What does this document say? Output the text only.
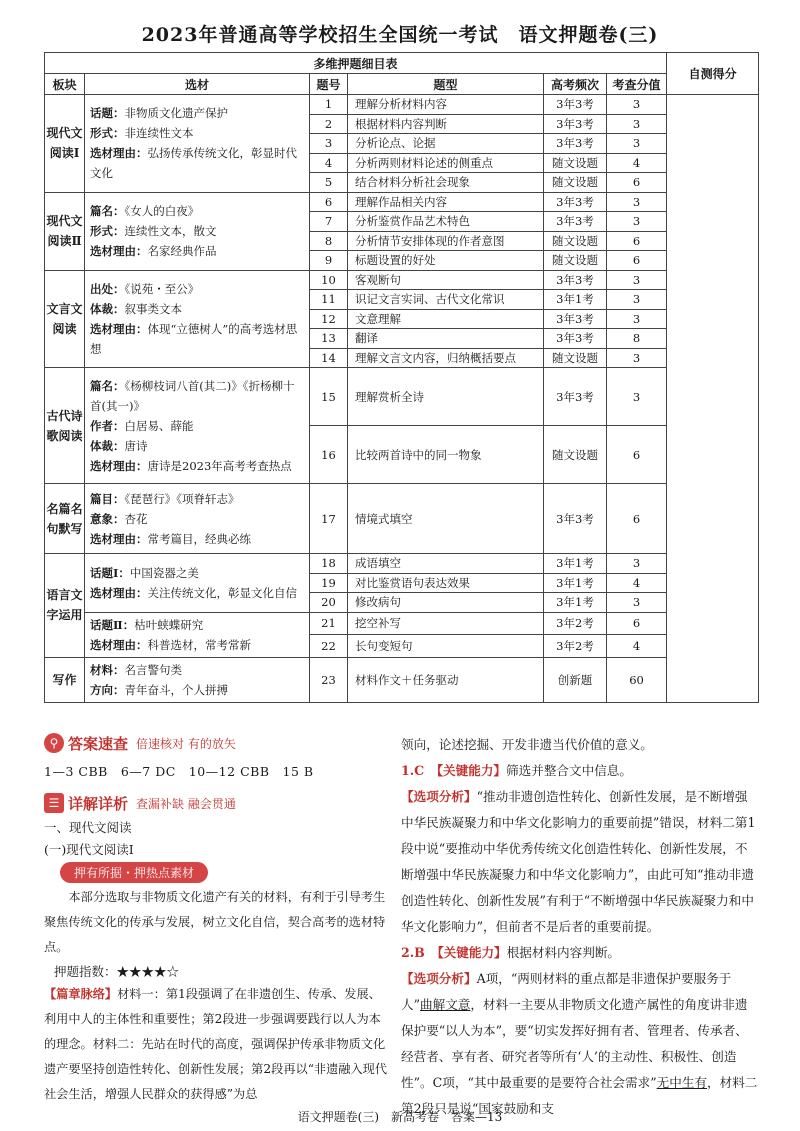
2023年普通高等学校招生全国统一考试　语文押题卷(三)
多维押题细目表						自测得分
板块	选材	题号	题型	高考频次	考查分值	
现代文阅读Ⅰ	话题：非物质文化遗产保护
形式：非连续性文本
选材理由：弘扬传承传统文化，彰显时代文化	1	理解分析材料内容	3年3考	3	
		2	根据材料内容判断	3年3考	3	
		3	分析论点、论据	3年3考	3	
		4	分析两则材料论述的侧重点	随文设题	4	
		5	结合材料分析社会现象	随文设题	6	
现代文阅读Ⅱ	篇名：《女人的白夜》
形式：连续性文本，散文
选材理由：名家经典作品	6	理解作品相关内容	3年3考	3	
		7	分析鉴赏作品艺术特色	3年3考	3	
		8	分析情节安排体现的作者意图	随文设题	6	
		9	标题设置的好处	随文设题	6	
文言文阅读	出处：《说苑・至公》
体裁：叙事类文本
选材理由：体现“立德树人”的高考选材思想	10	客观断句	3年3考	3	
		11	识记文言实词、古代文化常识	3年1考	3	
		12	文意理解	3年3考	3	
		13	翻译	3年3考	8	
		14	理解文言文内容，归纳概括要点	随文设题	3	
古代诗歌阅读	篇名：《杨柳枝词八首(其二)》《折杨柳十首(其一)》
作者：白居易、薛能
体裁：唐诗
选材理由：唐诗是2023年高考考查热点	15	理解赏析全诗	3年3考	3	
		16	比较两首诗中的同一物象	随文设题	6	
名篇名句默写	篇目：《琵琶行》《项脊轩志》
意象：杏花
选材理由：常考篇目，经典必练	17	情境式填空	3年3考	6	
语言文字运用	话题Ⅰ：中国瓷器之美
选材理由：关注传统文化，彰显文化自信	18	成语填空	3年1考	3	
		19	对比鉴赏语句表达效果	3年1考	4	
		20	修改病句	3年1考	3	

	话题Ⅱ：枯叶蛱蝶研究
选材理由：科普选材，常考常新	21	挖空补写	3年2考	6	
		22	长句变短句	3年2考	4	
写作	材料：名言警句类
方向：青年奋斗，个人拼搏	23	材料作文＋任务驱动	创新题	60	
⚲ 答案速查 倍速核对 有的放矢
1—3 CBB　6—7 DC　10—12 CBB　15 B
☰ 详解详析 查漏补缺 融会贯通
一、现代文阅读
(一)现代文阅读Ⅰ
押有所据・押热点素材
本部分选取与非物质文化遗产有关的材料，有利于引导考生聚焦传统文化的传承与发展，树立文化自信，契合高考的选材特点。
押题指数：★★★★☆
【篇章脉络】材料一：第1段强调了在非遗创生、传承、发展、利用中人的主体性和重要性；第2段进一步强调要践行以人为本的理念。材料二：先站在时代的高度，强调保护传承非物质文化遗产要坚持创造性转化、创新性发展；第2段再以“非遗融入现代社会生活，增强人民群众的获得感”为总
领向，论述挖掘、开发非遗当代价值的意义。
1.C　 【关键能力】筛选并整合文中信息。
【选项分析】“推动非遗创造性转化、创新性发展，是不断增强中华民族凝聚力和中华文化影响力的重要前提”错误，材料二第1段中说“要推动中华优秀传统文化创造性转化、创新性发展，不断增强中华民族凝聚力和中华文化影响力”，由此可知“推动非遗创造性转化、创新性发展”有利于“不断增强中华民族凝聚力和中华文化影响力”，但前者不是后者的重要前提。
2.B　 【关键能力】根据材料内容判断。
【选项分析】A项，“两则材料的重点都是非遗保护要服务于人”曲解文意，材料一主要从非物质文化遗产属性的角度讲非遗保护要“以人为本”，要“切实发挥好拥有者、管理者、传承者、经营者、享有者、研究者等所有‘人’的主动性、积极性、创造性”。C项，“其中最重要的是要符合社会需求”无中生有，材料二第2段只是说“国家鼓励和支
语文押题卷(三)　新高考卷　答案—13
